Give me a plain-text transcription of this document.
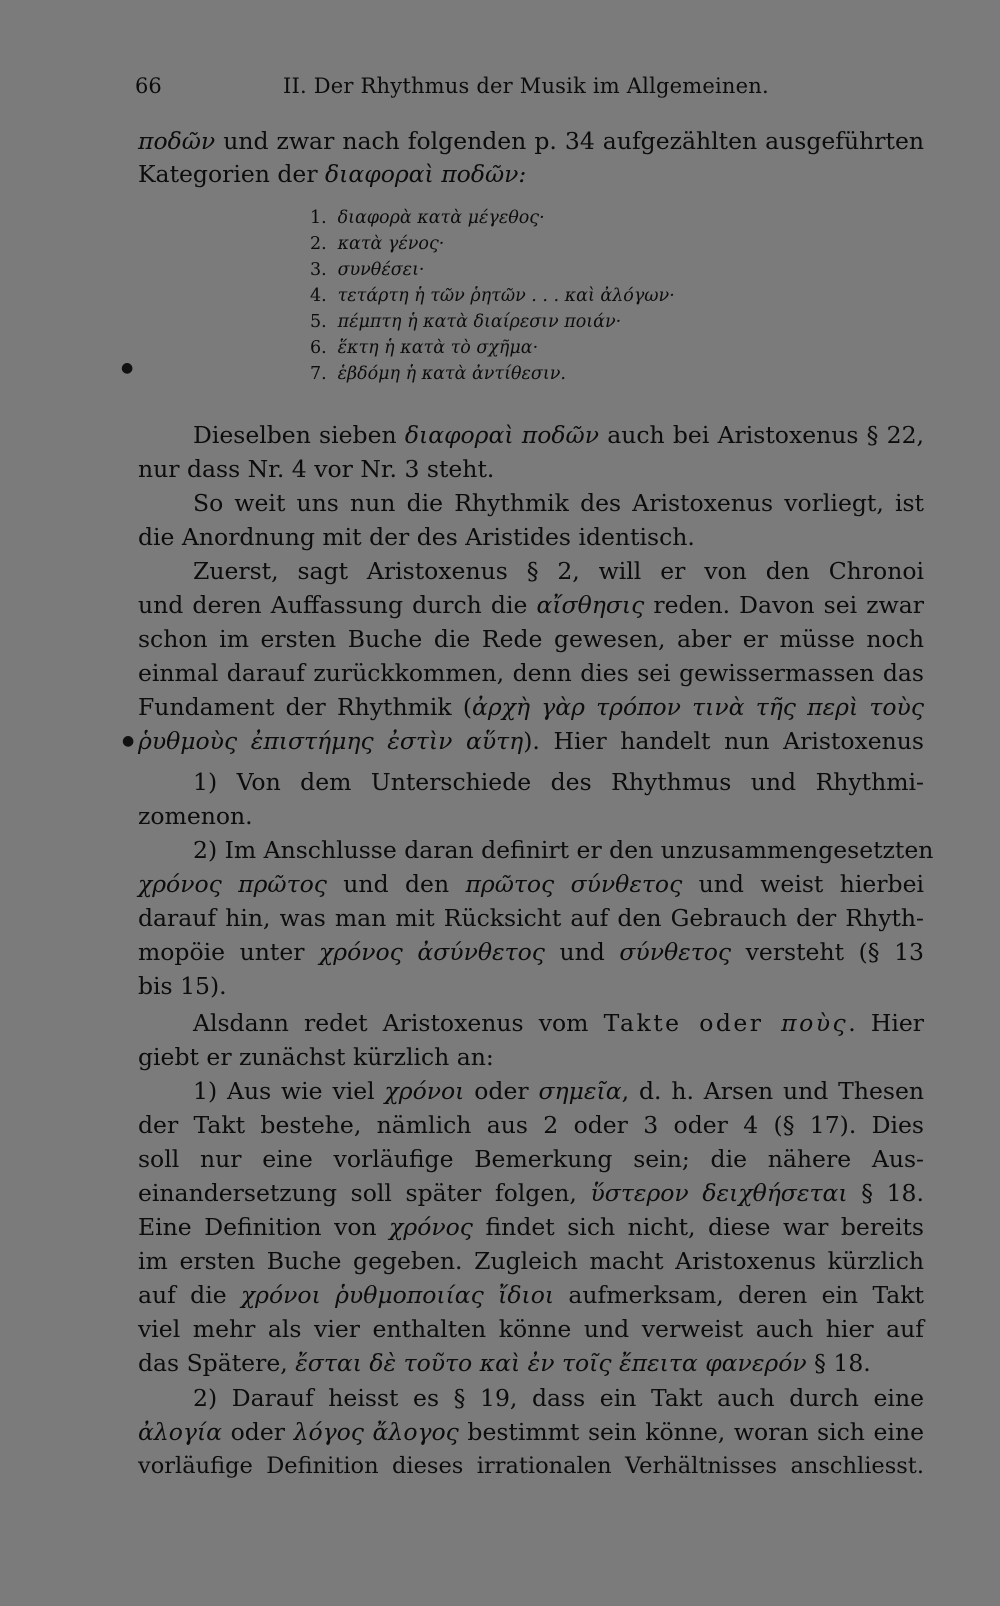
66	II. Der Rhythmus der Musik im Allgemeinen.
ποδῶν und zwar nach folgenden p. 34 aufgezählten ausgeführten
Kategorien der διαφοραὶ ποδῶν:
1. διαφορὰ κατὰ μέγεθος·
2. κατὰ γένος·
3. συνθέσει·
4. τετάρτη ἡ τῶν ῥητῶν . . . καὶ ἀλόγων·
5. πέμπτη ἡ κατὰ διαίρεσιν ποιάν·
6. ἕκτη ἡ κατὰ τὸ σχῆμα·
7. ἑβδόμη ἡ κατὰ ἀντίθεσιν.
●
Dieselben sieben διαφοραὶ ποδῶν auch bei Aristoxenus § 22,
nur dass Nr. 4 vor Nr. 3 steht.
So weit uns nun die Rhythmik des Aristoxenus vorliegt, ist
die Anordnung mit der des Aristides identisch.
Zuerst, sagt Aristoxenus § 2, will er von den Chronoi
und deren Auffassung durch die αἴσθησις reden. Davon sei zwar
schon im ersten Buche die Rede gewesen, aber er müsse noch
einmal darauf zurückkommen, denn dies sei gewissermassen das
Fundament der Rhythmik (ἀρχὴ γὰρ τρόπον τινὰ τῆς περὶ τοὺς
ῥυθμοὺς ἐπιστήμης ἐστὶν αὕτη). Hier handelt nun Aristoxenus
●
1) Von dem Unterschiede des Rhythmus und Rhythmi-
zomenon.
2) Im Anschlusse daran definirt er den unzusammengesetzten
χρόνος πρῶτος und den πρῶτος σύνθετος und weist hierbei
darauf hin, was man mit Rücksicht auf den Gebrauch der Rhyth-
mopöie unter χρόνος ἀσύνθετος und σύνθετος versteht (§ 13
bis 15).
Alsdann redet Aristoxenus vom Takte oder ποὺς. Hier
giebt er zunächst kürzlich an:
1) Aus wie viel χρόνοι oder σημεῖα, d. h. Arsen und Thesen
der Takt bestehe, nämlich aus 2 oder 3 oder 4 (§ 17). Dies
soll nur eine vorläufige Bemerkung sein; die nähere Aus-
einandersetzung soll später folgen, ὕστερον δειχθήσεται § 18.
Eine Definition von χρόνος findet sich nicht, diese war bereits
im ersten Buche gegeben. Zugleich macht Aristoxenus kürzlich
auf die χρόνοι ῥυθμοποιίας ἴδιοι aufmerksam, deren ein Takt
viel mehr als vier enthalten könne und verweist auch hier auf
das Spätere, ἔσται δὲ τοῦτο καὶ ἐν τοῖς ἔπειτα φανερόν § 18.
2) Darauf heisst es § 19, dass ein Takt auch durch eine
ἀλογία oder λόγος ἄλογος bestimmt sein könne, woran sich eine
vorläufige Definition dieses irrationalen Verhältnisses anschliesst.
